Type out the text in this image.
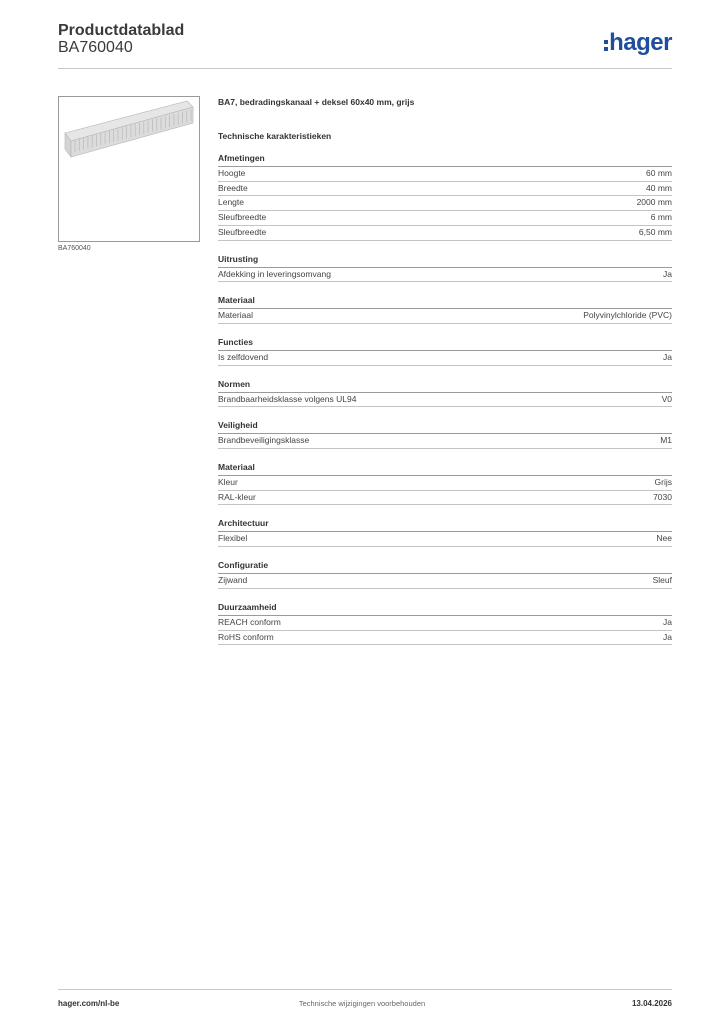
Productdatablad
BA760040	hager
BA760040
BA7, bedradingskanaal + deksel 60x40 mm, grijs
Technische karakteristieken
Afmetingen
Hoogte	60 mm
Breedte	40 mm
Lengte	2000 mm
Sleufbreedte	6 mm
Sleufbreedte	6,50 mm
Uitrusting
Afdekking in leveringsomvang	Ja
Materiaal
Materiaal	Polyvinylchloride (PVC)
Functies
Is zelfdovend	Ja
Normen
Brandbaarheidsklasse volgens UL94	V0
Veiligheid
Brandbeveiligingsklasse	M1
Materiaal
Kleur	Grijs
RAL-kleur	7030
Architectuur
Flexibel	Nee
Configuratie
Zijwand	Sleuf
Duurzaamheid
REACH conform	Ja
RoHS conform	Ja
hager.com/nl-be	Technische wijzigingen voorbehouden	13.04.2026
